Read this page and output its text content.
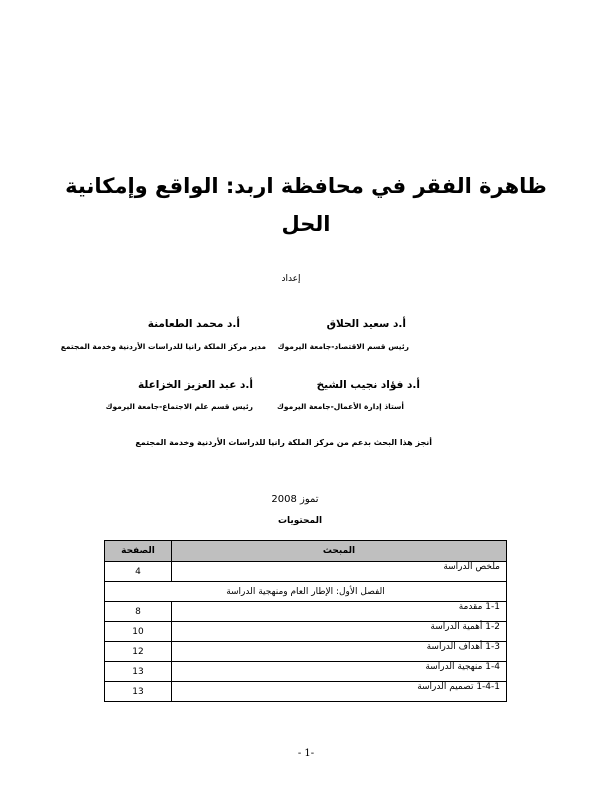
ظاهرة الفقر في محافظة اربد: الواقع وإمكانية
الحل
إعداد
أ.د سعيد الحلاق
رئيس قسم الاقتصاد-جامعة اليرموك
أ.د محمد الطعامنة
مدير مركز الملكة رانيا للدراسات الأردنية وخدمة المجتمع
أ.د فؤاد نجيب الشيخ
أستاذ إدارة الأعمال-جامعة اليرموك
أ.د عبد العزيز الخزاعلة
رئيس قسم علم الاجتماع-جامعة اليرموك
أنجز هذا البحث بدعم من مركز الملكة رانيا للدراسات الأردنية وخدمة المجتمع
تموز 2008
المحتويات
الصفحة	المبحث
4	ملخص الدراسة
الفصل الأول: الإطار العام ومنهجية الدراسة	
8	1-1 مقدمة
10	1-2 أهمية الدراسة
12	1-3 أهداف الدراسة
13	1-4 منهجية الدراسة
13	1-4-1 تصميم الدراسة
- 1-
